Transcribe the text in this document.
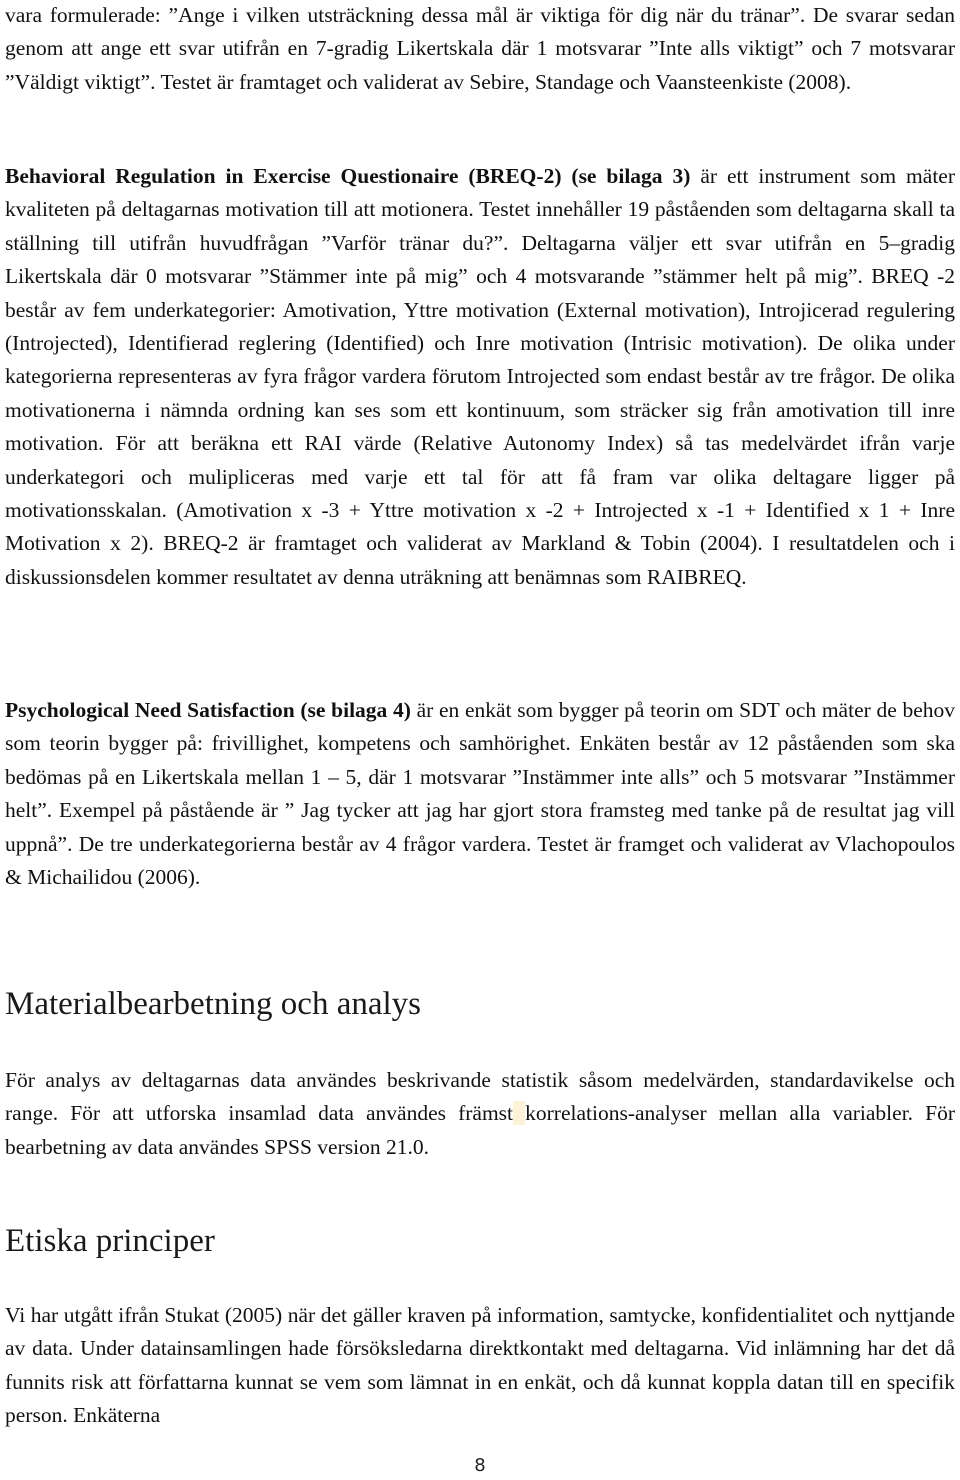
vara formulerade: ”Ange i vilken utsträckning dessa mål är viktiga för dig när du tränar”. De svarar sedan genom att ange ett svar utifrån en 7-gradig Likertskala där 1 motsvarar ”Inte alls viktigt” och 7 motsvarar ”Väldigt viktigt”. Testet är framtaget och validerat av Sebire, Standage och Vaansteenkiste (2008).

Behavioral Regulation in Exercise Questionaire (BREQ-2) (se bilaga 3) är ett instrument som mäter kvaliteten på deltagarnas motivation till att motionera. Testet innehåller 19 påståenden som deltagarna skall ta ställning till utifrån huvudfrågan ”Varför tränar du?”. Deltagarna väljer ett svar utifrån en 5–gradig Likertskala där 0 motsvarar ”Stämmer inte på mig” och 4 motsvarande ”stämmer helt på mig”. BREQ -2 består av fem underkategorier: Amotivation, Yttre motivation (External motivation), Introjicerad regulering (Introjected), Identifierad reglering (Identified) och Inre motivation (Intrisic motivation). De olika under kategorierna representeras av fyra frågor vardera förutom Introjected som endast består av tre frågor. De olika motivationerna i nämnda ordning kan ses som ett kontinuum, som sträcker sig från amotivation till inre motivation. För att beräkna ett RAI värde (Relative Autonomy Index) så tas medelvärdet ifrån varje underkategori och mulipliceras med varje ett tal för att få fram var olika deltagare ligger på motivationsskalan. (Amotivation x -3 + Yttre motivation x -2 + Introjected x -1 + Identified x 1 + Inre Motivation x 2). BREQ-2 är framtaget och validerat av Markland & Tobin (2004). I resultatdelen och i diskussionsdelen kommer resultatet av denna uträkning att benämnas som RAIBREQ.

Psychological Need Satisfaction (se bilaga 4) är en enkät som bygger på teorin om SDT och mäter de behov som teorin bygger på: frivillighet, kompetens och samhörighet. Enkäten består av 12 påståenden som ska bedömas på en Likertskala mellan 1 – 5, där 1 motsvarar ”Instämmer inte alls” och 5 motsvarar ”Instämmer helt”. Exempel på påstående är ” Jag tycker att jag har gjort stora framsteg med tanke på de resultat jag vill uppnå”. De tre underkategorierna består av 4 frågor vardera. Testet är framget och validerat av Vlachopoulos & Michailidou (2006).

Materialbearbetning och analys

För analys av deltagarnas data användes beskrivande statistik såsom medelvärden, standardavikelse och range. För att utforska insamlad data användes främst korrelations-analyser mellan alla variabler. För bearbetning av data användes SPSS version 21.0.

Etiska principer

Vi har utgått ifrån Stukat (2005) när det gäller kraven på information, samtycke, konfidentialitet och nyttjande av data. Under datainsamlingen hade försöksledarna direktkontakt med deltagarna. Vid inlämning har det då funnits risk att författarna kunnat se vem som lämnat in en enkät, och då kunnat koppla datan till en specifik person. Enkäterna

8
